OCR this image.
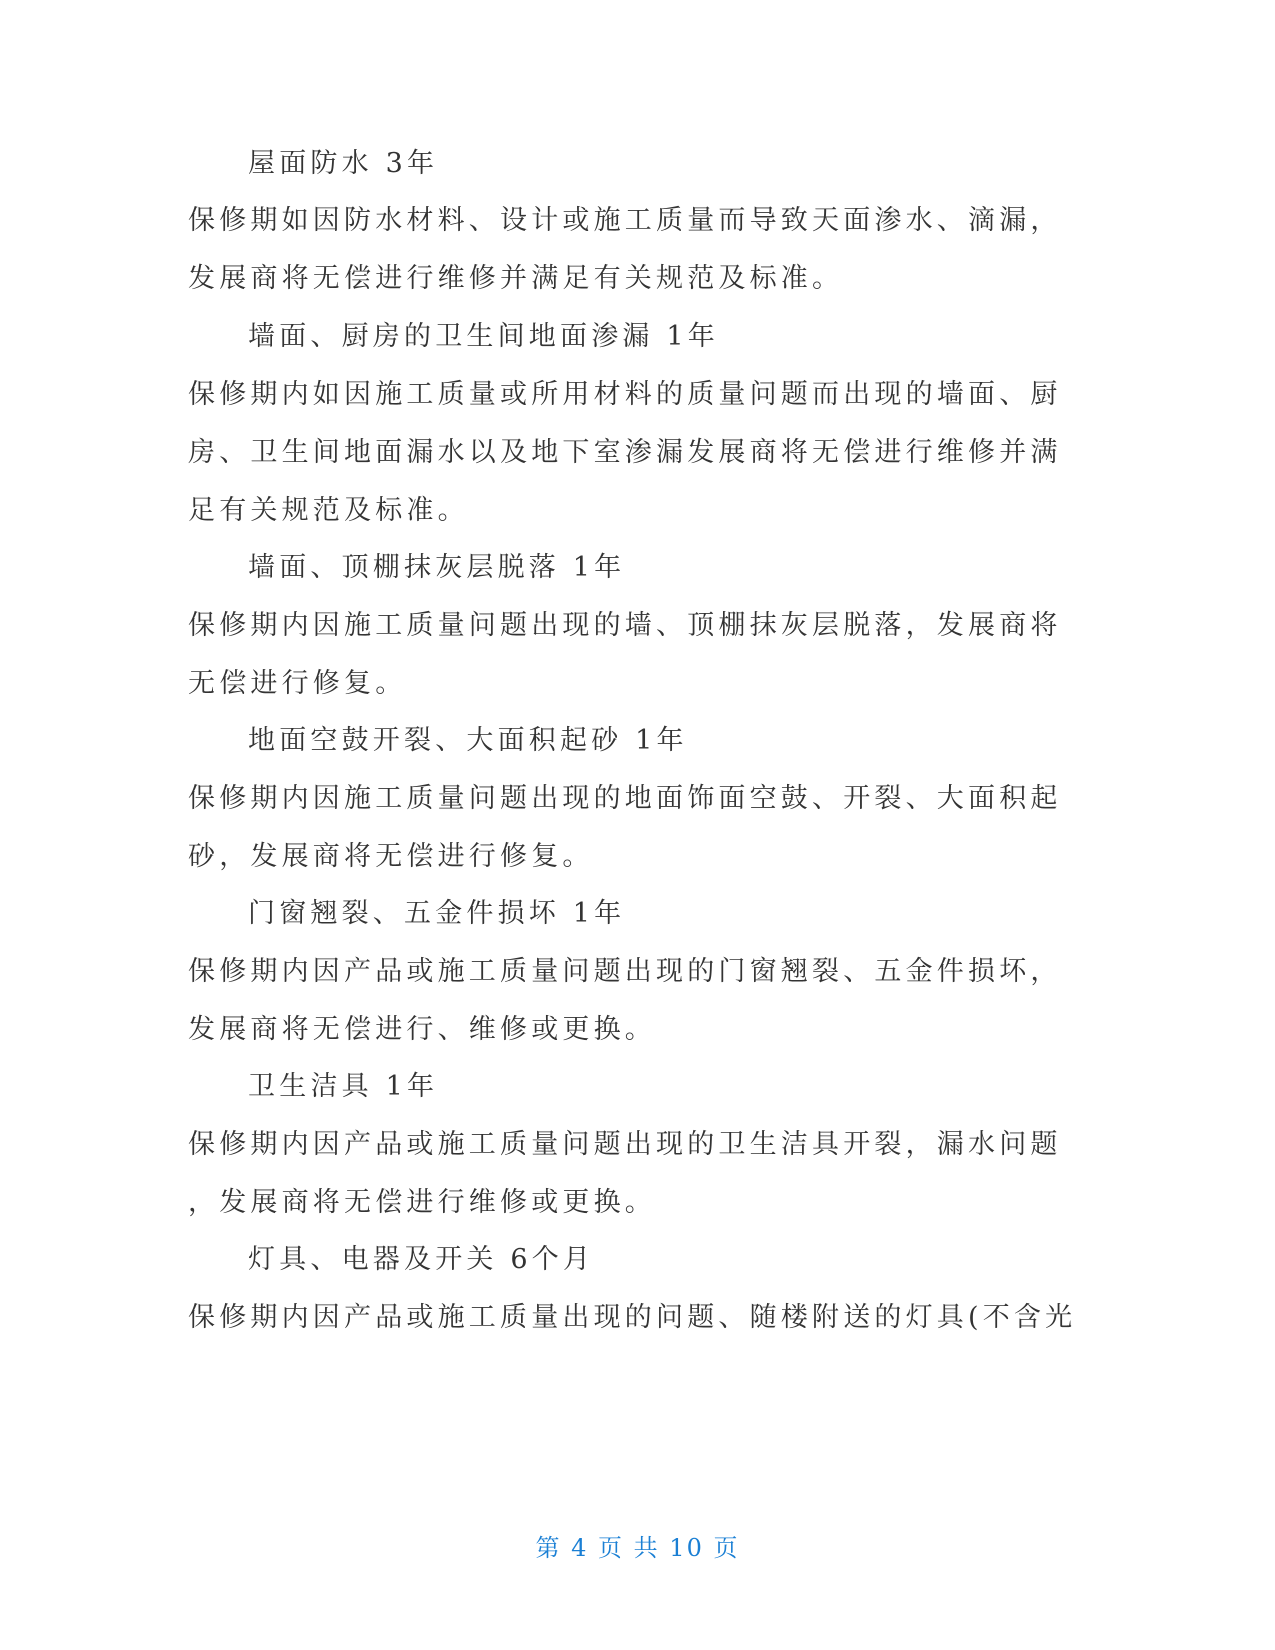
屋面防水 3年
保修期如因防水材料、设计或施工质量而导致天面渗水、滴漏，
发展商将无偿进行维修并满足有关规范及标准。
墙面、厨房的卫生间地面渗漏 1年
保修期内如因施工质量或所用材料的质量问题而出现的墙面、厨
房、卫生间地面漏水以及地下室渗漏发展商将无偿进行维修并满
足有关规范及标准。
墙面、顶棚抹灰层脱落 1年
保修期内因施工质量问题出现的墙、顶棚抹灰层脱落，发展商将
无偿进行修复。
地面空鼓开裂、大面积起砂 1年
保修期内因施工质量问题出现的地面饰面空鼓、开裂、大面积起
砂，发展商将无偿进行修复。
门窗翘裂、五金件损坏 1年
保修期内因产品或施工质量问题出现的门窗翘裂、五金件损坏，
发展商将无偿进行、维修或更换。
卫生洁具 1年
保修期内因产品或施工质量问题出现的卫生洁具开裂，漏水问题
，发展商将无偿进行维修或更换。
灯具、电器及开关 6个月
保修期内因产品或施工质量出现的问题、随楼附送的灯具(不含光
第 4 页 共 10 页
